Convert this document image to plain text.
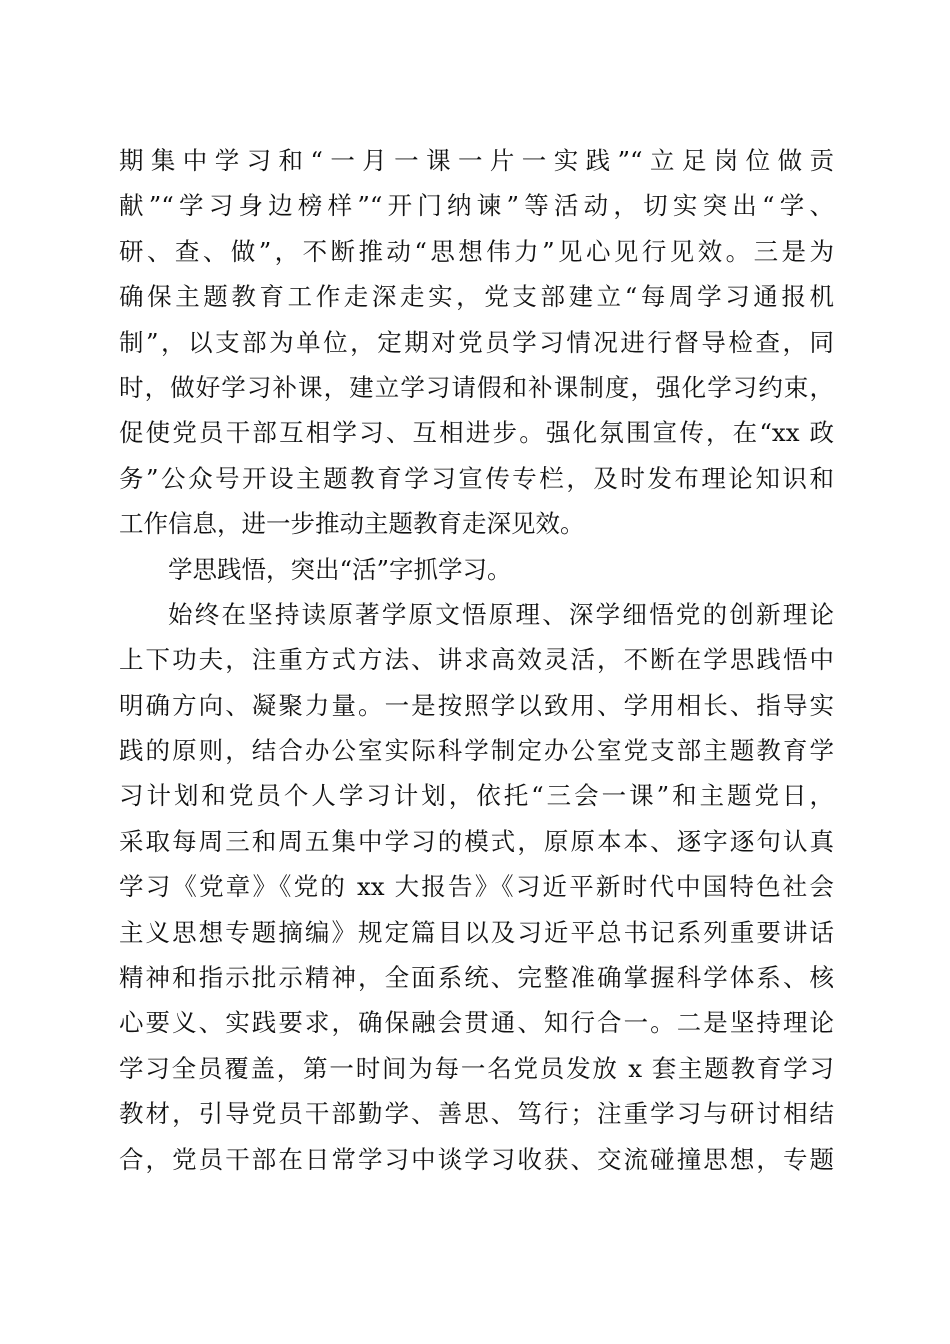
期集中学习和“一月一课一片一实践”“立足岗位做贡
献”“学习身边榜样”“开门纳谏”等活动，切实突出“学、
研、查、做”，不断推动“思想伟力”见心见行见效。三是为
确保主题教育工作走深走实，党支部建立“每周学习通报机
制”，以支部为单位，定期对党员学习情况进行督导检查，同
时，做好学习补课，建立学习请假和补课制度，强化学习约束，
促使党员干部互相学习、互相进步。强化氛围宣传，在“xx 政
务”公众号开设主题教育学习宣传专栏，及时发布理论知识和
工作信息，进一步推动主题教育走深见效。
学思践悟，突出“活”字抓学习。
始终在坚持读原著学原文悟原理、深学细悟党的创新理论
上下功夫，注重方式方法、讲求高效灵活，不断在学思践悟中
明确方向、凝聚力量。一是按照学以致用、学用相长、指导实
践的原则，结合办公室实际科学制定办公室党支部主题教育学
习计划和党员个人学习计划，依托“三会一课”和主题党日，
采取每周三和周五集中学习的模式，原原本本、逐字逐句认真
学习《党章》《党的 xx 大报告》《习近平新时代中国特色社会
主义思想专题摘编》规定篇目以及习近平总书记系列重要讲话
精神和指示批示精神，全面系统、完整准确掌握科学体系、核
心要义、实践要求，确保融会贯通、知行合一。二是坚持理论
学习全员覆盖，第一时间为每一名党员发放 x 套主题教育学习
教材，引导党员干部勤学、善思、笃行；注重学习与研讨相结
合，党员干部在日常学习中谈学习收获、交流碰撞思想，专题
